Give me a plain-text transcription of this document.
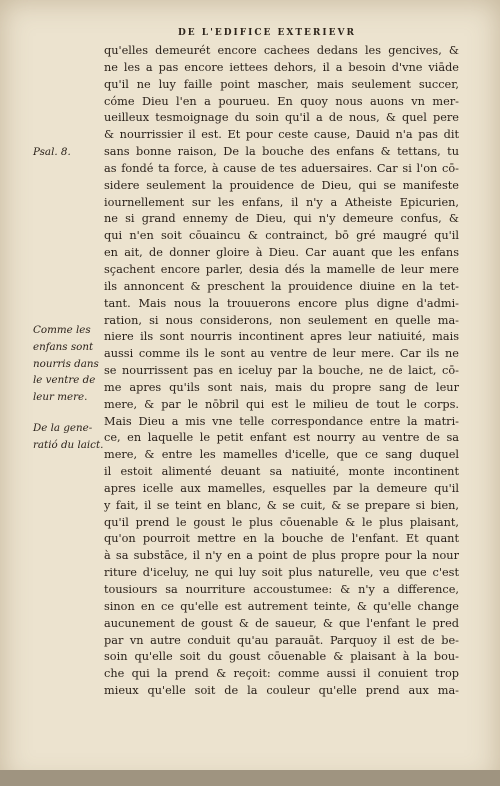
DE L'EDIFICE EXTERIEVR
Psal. 8.
Comme les
enfans sont
nourris dans
le ventre de
leur mere.
De la gene-
ratió du laict.
qu'elles demeurét encore cachees dedans les gencives, &
ne les a pas encore iettees dehors, il a besoin d'vne viāde
qu'il ne luy faille point mascher, mais seulement succer,
cóme Dieu l'en a pourueu. En quoy nous auons vn mer-
ueilleux tesmoignage du soin qu'il a de nous, & quel pere
& nourrissier il est. Et pour ceste cause, Dauid n'a pas dit
sans bonne raison, De la bouche des enfans & tettans, tu
as fondé ta force, à cause de tes aduersaires. Car si l'on cō-
sidere seulement la prouidence de Dieu, qui se manifeste
iournellement sur les enfans, il n'y a Atheiste Epicurien,
ne si grand ennemy de Dieu, qui n'y demeure confus, &
qui n'en soit cōuaincu & contrainct, bō gré maugré qu'il
en ait, de donner gloire à Dieu. Car auant que les enfans
sçachent encore parler, desia dés la mamelle de leur mere
ils annoncent & preschent la prouidence diuine en la tet-
tant. Mais nous la trouuerons encore plus digne d'admi-
ration, si nous considerons, non seulement en quelle ma-
niere ils sont nourris incontinent apres leur natiuité, mais
aussi comme ils le sont au ventre de leur mere. Car ils ne
se nourrissent pas en iceluy par la bouche, ne de laict, cō-
me apres qu'ils sont nais, mais du propre sang de leur
mere, & par le nōbril qui est le milieu de tout le corps.
Mais Dieu a mis vne telle correspondance entre la matri-
ce, en laquelle le petit enfant est nourry au ventre de sa
mere, & entre les mamelles d'icelle, que ce sang duquel
il estoit alimenté deuant sa natiuité, monte incontinent
apres icelle aux mamelles, esquelles par la demeure qu'il
y fait, il se teint en blanc, & se cuit, & se prepare si bien,
qu'il prend le goust le plus cōuenable & le plus plaisant,
qu'on pourroit mettre en la bouche de l'enfant. Et quant
à sa substāce, il n'y en a point de plus propre pour la nour
riture d'iceluy, ne qui luy soit plus naturelle, veu que c'est
tousiours sa nourriture accoustumee: & n'y a difference,
sinon en ce qu'elle est autrement teinte, & qu'elle change
aucunement de goust & de saueur, & que l'enfant le pred
par vn autre conduit qu'au parauāt. Parquoy il est de be-
soin qu'elle soit du goust cōuenable & plaisant à la bou-
che qui la prend & reçoit: comme aussi il conuient trop
mieux qu'elle soit de la couleur qu'elle prend aux ma-
